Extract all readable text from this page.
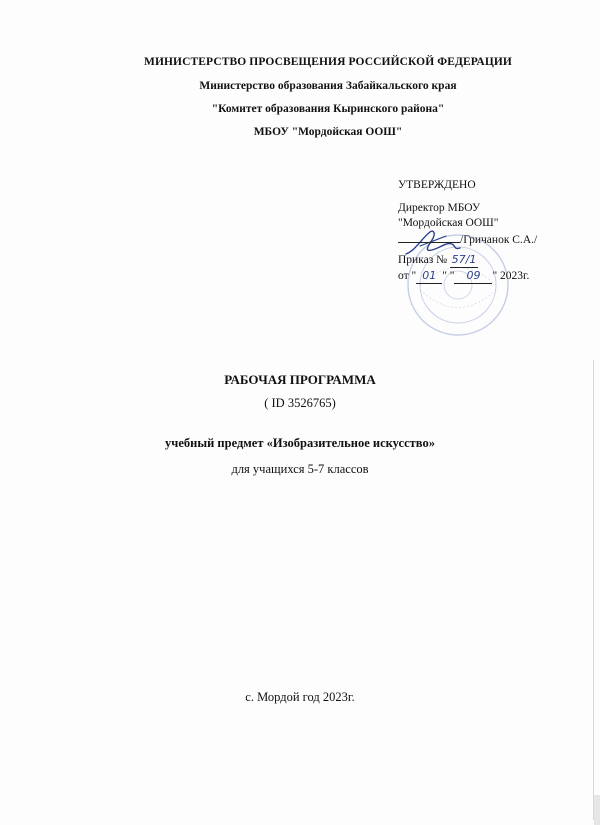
МИНИСТЕРСТВО ПРОСВЕЩЕНИЯ РОССИЙСКОЙ ФЕДЕРАЦИИ
Министерство образования Забайкальского края
"Комитет образования Кыринского района"
МБОУ "Мордойская ООШ"
УТВЕРЖДЕНО
Директор МБОУ
"Мордойская ООШ"
/Гричанок С.А./
Приказ № 57/1
от " 01 " " 09 " 2023г.
РАБОЧАЯ ПРОГРАММА
( ID 3526765)
учебный предмет «Изобразительное искусство»
для учащихся 5-7 классов
с. Мордой год 2023г.
